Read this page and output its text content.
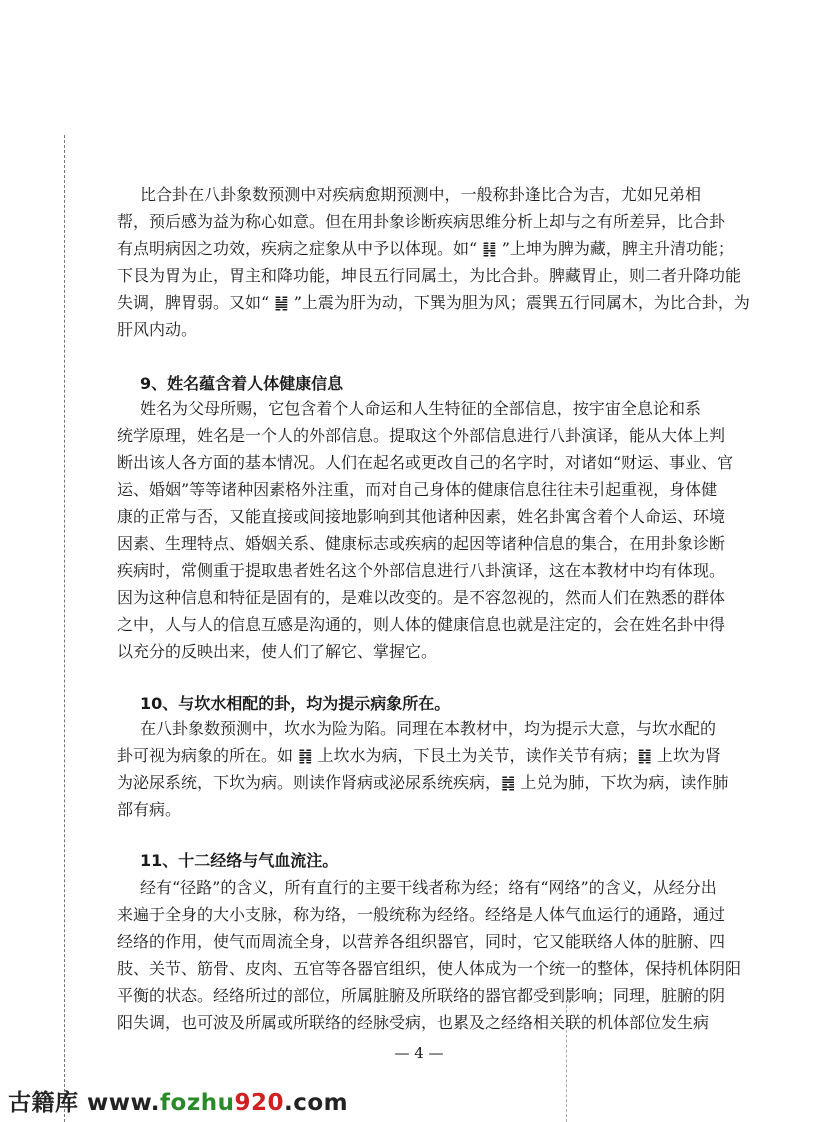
比合卦在八卦象数预测中对疾病愈期预测中，一般称卦逢比合为吉，尤如兄弟相
帮，预后感为益为称心如意。但在用卦象诊断疾病思维分析上却与之有所差异，比合卦
有点明病因之功效，疾病之症象从中予以体现。如“ ䷎ ”上坤为脾为藏，脾主升清功能；
下艮为胃为止，胃主和降功能，坤艮五行同属土，为比合卦。脾藏胃止，则二者升降功能
失调，脾胃弱。又如“ ䷟ ”上震为肝为动，下巽为胆为风；震巽五行同属木，为比合卦，为
肝风内动。
9、姓名蕴含着人体健康信息
姓名为父母所赐，它包含着个人命运和人生特征的全部信息，按宇宙全息论和系
统学原理，姓名是一个人的外部信息。提取这个外部信息进行八卦演译，能从大体上判
断出该人各方面的基本情况。人们在起名或更改自己的名字时，对诸如“财运、事业、官
运、婚姻”等等诸种因素格外注重，而对自己身体的健康信息往往未引起重视，身体健
康的正常与否，又能直接或间接地影响到其他诸种因素，姓名卦寓含着个人命运、环境
因素、生理特点、婚姻关系、健康标志或疾病的起因等诸种信息的集合，在用卦象诊断
疾病时，常侧重于提取患者姓名这个外部信息进行八卦演译，这在本教材中均有体现。
因为这种信息和特征是固有的，是难以改变的。是不容忽视的，然而人们在熟悉的群体
之中，人与人的信息互感是沟通的，则人体的健康信息也就是注定的，会在姓名卦中得
以充分的反映出来，使人们了解它、掌握它。
10、与坎水相配的卦，均为提示病象所在。
在八卦象数预测中，坎水为险为陷。同理在本教材中，均为提示大意，与坎水配的
卦可视为病象的所在。如 ䷦ 上坎水为病，下艮土为关节，读作关节有病；䷜ 上坎为肾
为泌尿系统，下坎为病。则读作肾病或泌尿系统疾病，䷮ 上兑为肺，下坎为病，读作肺
部有病。
11、十二经络与气血流注。
经有“径路”的含义，所有直行的主要干线者称为经；络有“网络”的含义，从经分出
来遍于全身的大小支脉，称为络，一般统称为经络。经络是人体气血运行的通路，通过
经络的作用，使气而周流全身，以营养各组织器官，同时，它又能联络人体的脏腑、四
肢、关节、筋骨、皮肉、五官等各器官组织，使人体成为一个统一的整体，保持机体阴阳
平衡的状态。经络所过的部位，所属脏腑及所联络的器官都受到影响；同理，脏腑的阴
阳失调，也可波及所属或所联络的经脉受病，也累及之经络相关联的机体部位发生病
— 4 —
古籍库 www.fozhu920.com
